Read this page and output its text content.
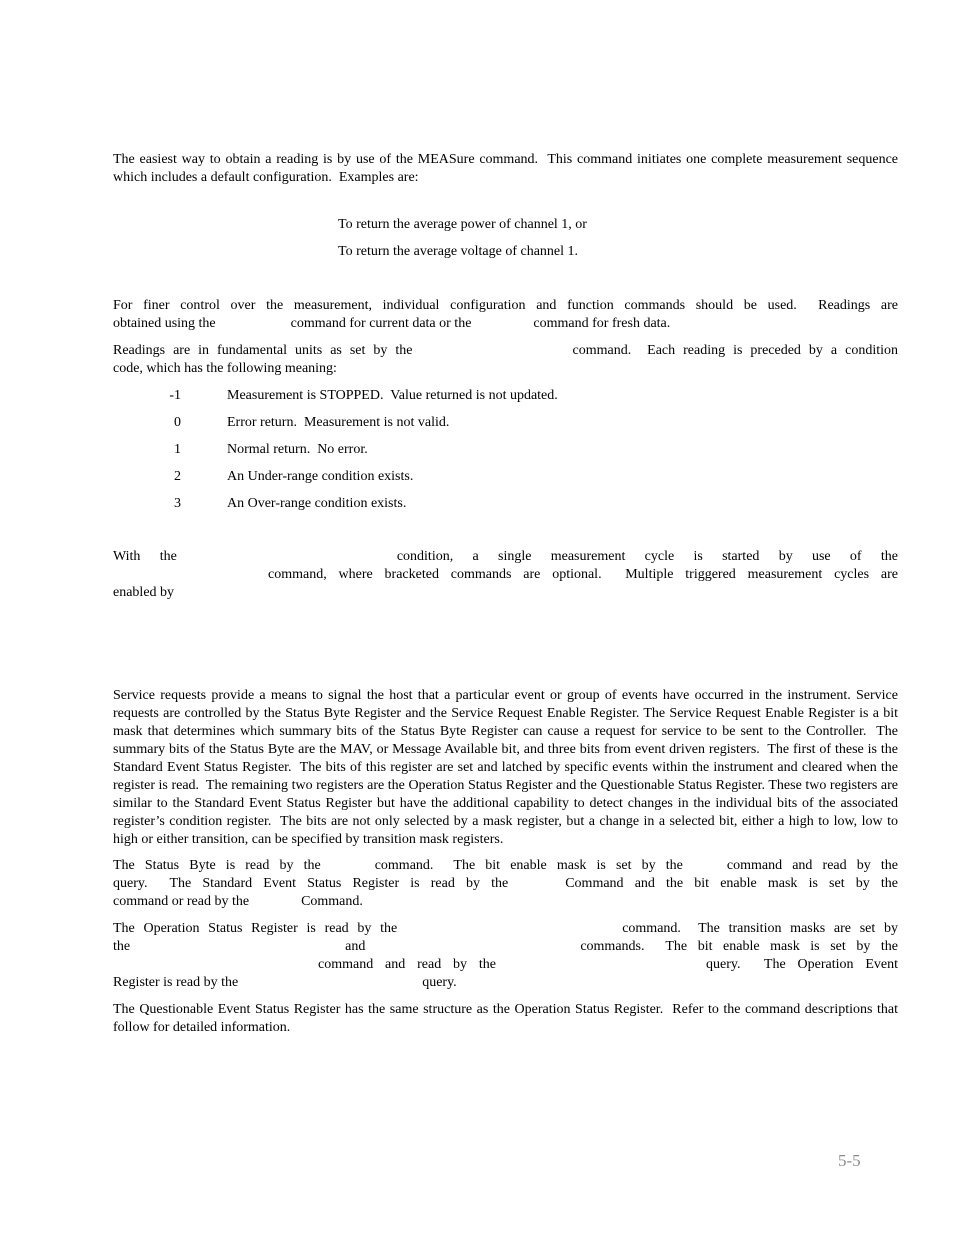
The easiest way to obtain a reading is by use of the MEASure command.  This command initiates one complete measurement sequence which includes a default configuration.  Examples are:
To return the average power of channel 1, or
To return the average voltage of channel 1.
For finer control over the measurement, individual configuration and function commands should be used.  Readings are
obtained using the	command for current data or the	command for fresh data.
Readings are in fundamental units as set by the	command.  Each reading is preceded by a condition
code, which has the following meaning:
-1	Measurement is STOPPED.  Value returned is not updated.
0	Error return.  Measurement is not valid.
1	Normal return.  No error.
2	An Under-range condition exists.
3	An Over-range condition exists.
With the	condition, a single measurement cycle is started by use of the
command, where bracketed commands are optional.  Multiple triggered measurement cycles are
enabled by
Service requests provide a means to signal the host that a particular event or group of events have occurred in the instrument. Service requests are controlled by the Status Byte Register and the Service Request Enable Register. The Service Request Enable Register is a bit mask that determines which summary bits of the Status Byte Register can cause a request for service to be sent to the Controller.  The summary bits of the Status Byte are the MAV, or Message Available bit, and three bits from event driven registers.  The first of these is the Standard Event Status Register.  The bits of this register are set and latched by specific events within the instrument and cleared when the register is read.  The remaining two registers are the Operation Status Register and the Questionable Status Register. These two registers are similar to the Standard Event Status Register but have the additional capability to detect changes in the individual bits of the associated register’s condition register.  The bits are not only selected by a mask register, but a change in a selected bit, either a high to low, low to high or either transition, can be specified by transition mask registers.
The Status Byte is read by the	command.  The bit enable mask is set by the	command and read by the
query.  The Standard Event Status Register is read by the	Command and the bit enable mask is set by the
command or read by the	Command.
The Operation Status Register is read by the	command.  The transition masks are set by
the	and	commands.  The bit enable mask is set by the
command and read by the	query.  The Operation Event
Register is read by the	query.
The Questionable Event Status Register has the same structure as the Operation Status Register.  Refer to the command descriptions that follow for detailed information.
5-5
